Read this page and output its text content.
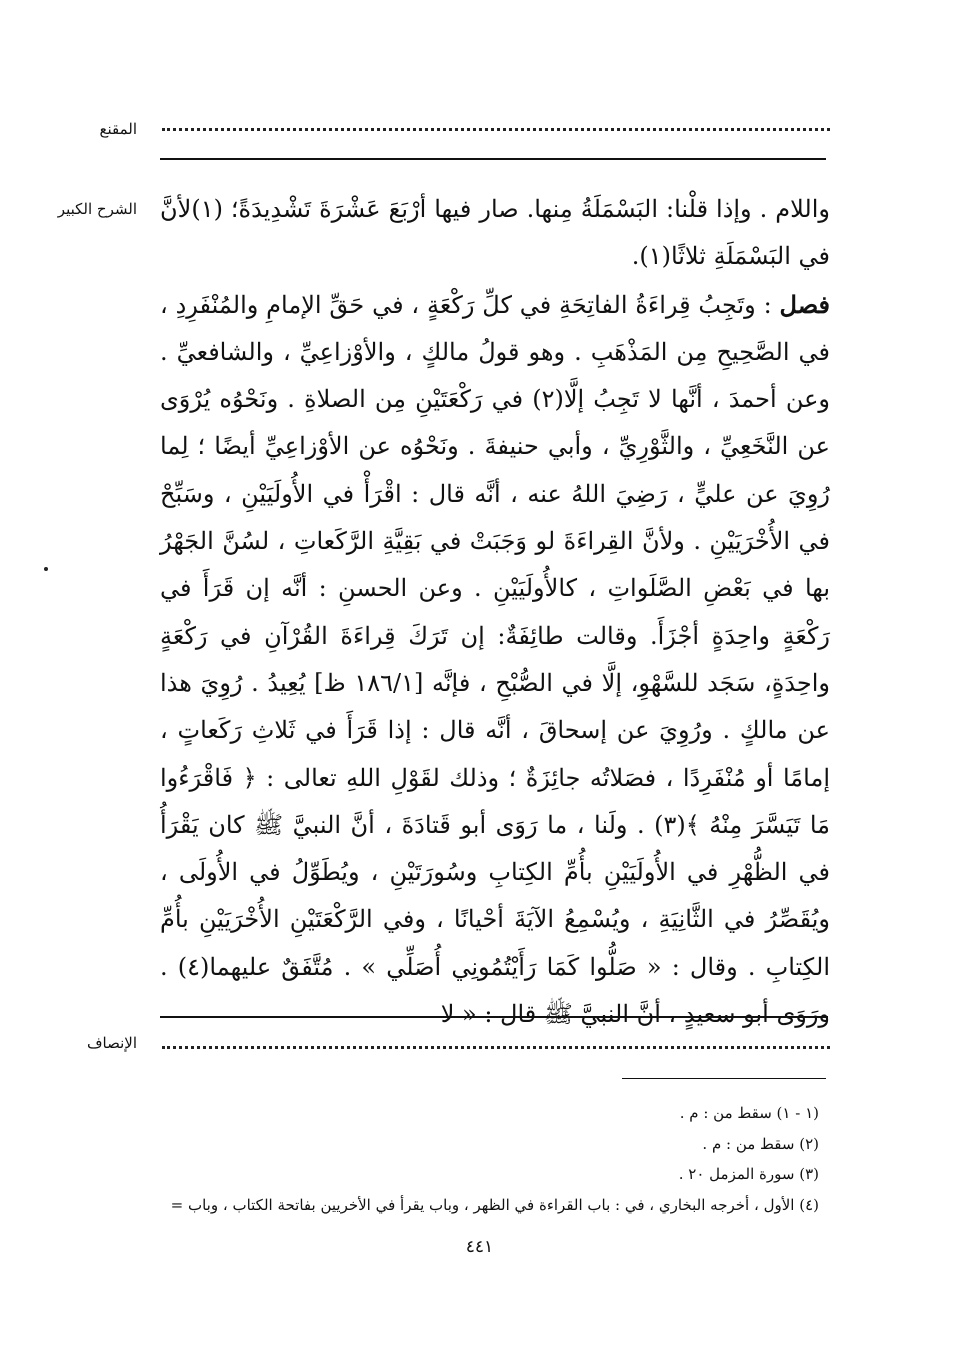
المقنع
الشرح الكبير واللام . وإذا قلْنا: البَسْمَلَةُ مِنها. صار فيها أرْبَعَ عَشْرَةَ تَشْدِيدَةً؛ (١)لأنَّ في البَسْمَلَةِ ثلاثًا(١).

فصل : وتَجِبُ قِراءَةُ الفاتِحَةِ في كلِّ رَكْعَةٍ ، في حَقِّ الإمامِ والمُنْفَرِدِ ، في الصَّحِيحِ مِن المَذْهَبِ . وهو قولُ مالكٍ ، والأوْزاعِيِّ ، والشافعيِّ . وعن أحمدَ ، أنَّها لا تَجِبُ إلَّا(٢) في رَكْعَتَيْنِ مِن الصلاةِ . ونَحْوُه يُرْوَى عن النَّخَعِيِّ ، والثَّوْرِيِّ ، وأبي حنيفةَ . ونَحْوُه عن الأوْزاعِيِّ أيضًا ؛ لِما رُوِيَ عن عليٍّ ، رَضِيَ اللهُ عنه ، أنَّه قال : اقْرَأْ في الأُولَيَيْنِ ، وسَبِّحْ في الأُخْرَيَيْنِ . ولأنَّ القِراءَةَ لو وَجَبَتْ في بَقِيَّةِ الرَّكَعاتِ ، لسُنَّ الجَهْرُ بها في بَعْضِ الصَّلَواتِ ، كالأُولَيَيْنِ . وعن الحسنِ : أنَّه إن قَرَأَ في رَكْعَةٍ واحِدَةٍ أجْزَأَ. وقالت طائِفَةٌ: إن تَرَكَ قِراءَةَ القُرْآنِ في رَكْعَةٍ واحِدَةٍ، سَجَد للسَّهْوِ، إلَّا في الصُّبْحِ ، فإنَّه [١٨٦/١ ظ] يُعِيدُ . رُوِيَ هذا عن مالكٍ . ورُوِيَ عن إسحاقَ ، أنَّه قال : إذا قَرَأَ في ثَلاثِ رَكَعاتٍ ، إمامًا أو مُنْفَرِدًا ، فصَلاتُه جائِزَةٌ ؛ وذلك لقَوْلِ اللهِ تعالى : ﴿ فَاقْرَءُوا مَا تَيَسَّرَ مِنْهُ ﴾(٣) . ولَنا ، ما رَوَى أبو قَتادَةَ ، أنَّ النبيَّ ﷺ كان يَقْرَأُ في الظُّهْرِ في الأُولَيَيْنِ بأُمِّ الكِتابِ وسُورَتَيْنِ ، ويُطَوِّلُ في الأُولَى ، ويُقَصِّرُ في الثَّانِيَةِ ، ويُسْمِعُ الآيَةَ أحْيانًا ، وفي الرَّكْعَتَيْنِ الأُخْرَيَيْنِ بأُمِّ الكِتابِ . وقال : « صَلُّوا كَمَا رَأَيْتُمُونِي أُصَلِّي » . مُتَّفَقٌ عليهما(٤) . ورَوَى أبو سعيدٍ ، أنَّ النبيَّ ﷺ قال : « لا

الإنصاف
(١ - ١) سقط من : م .
(٢) سقط من : م .
(٣) سورة المزمل ٢٠ .
(٤) الأول ، أخرجه البخاري ، في : باب القراءة في الظهر ، وباب يقرأ في الأخريين بفاتحة الكتاب ، وباب =
٤٤١
